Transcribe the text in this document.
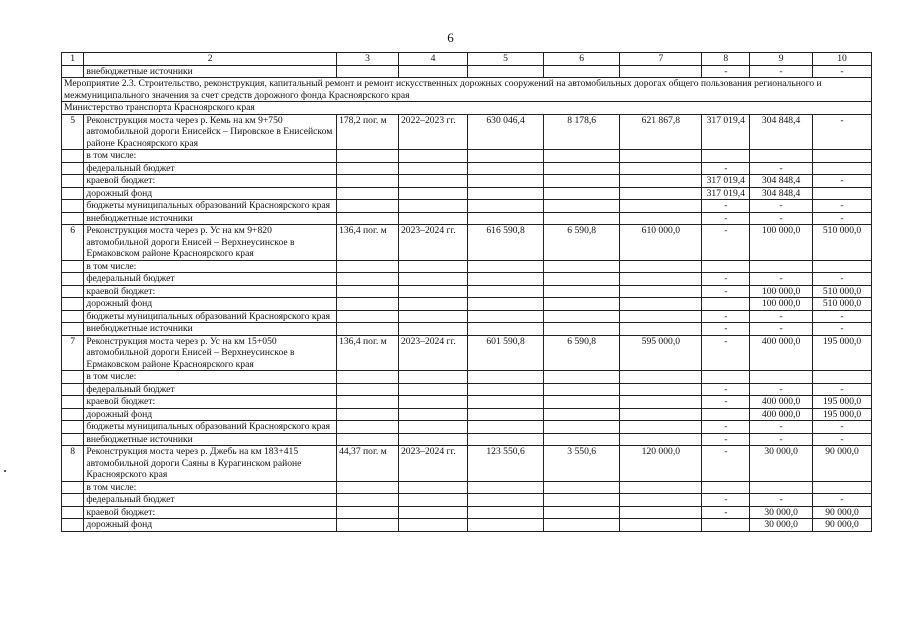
6
1	2	3	4	5	6	7	8	9	10
	внебюджетные источники						-	-	-
Мероприятие 2.3. Строительство, реконструкция, капитальный ремонт и ремонт искусственных дорожных сооружений на автомобильных дорогах общего пользования регионального и межмуниципального значения за счет средств дорожного фонда Красноярского края									
Министерство транспорта Красноярского края									
5	Реконструкция моста через р. Кемь на км 9+750 автомобильной дороги Енисейск – Пировское в Енисейском районе Красноярского края	178,2 пог. м	2022–2023 гг.	630 046,4	8 178,6	621 867,8	317 019,4	304 848,4	-
	в том числе:								
	федеральный бюджет						-	-	
	краевой бюджет:						317 019,4	304 848,4	-
	дорожный фонд						317 019,4	304 848,4	
	бюджеты муниципальных образований Красноярского края						-	-	-
	внебюджетные источники						-	-	-
6	Реконструкция моста через р. Ус на км 9+820 автомобильной дороги Енисей – Верхнеусинское в Ермаковском районе Красноярского края	136,4 пог. м	2023–2024 гг.	616 590,8	6 590,8	610 000,0	-	100 000,0	510 000,0
	в том числе:								
	федеральный бюджет						-	-	-
	краевой бюджет:						-	100 000,0	510 000,0
	дорожный фонд							100 000,0	510 000,0
	бюджеты муниципальных образований Красноярского края						-	-	-
	внебюджетные источники						-	-	-
7	Реконструкция моста через р. Ус на км 15+050 автомобильной дороги Енисей – Верхнеусинское в Ермаковском районе Красноярского края	136,4 пог. м	2023–2024 гг.	601 590,8	6 590,8	595 000,0	-	400 000,0	195 000,0
	в том числе:								
	федеральный бюджет						-	-	-
	краевой бюджет:						-	400 000,0	195 000,0
	дорожный фонд							400 000,0	195 000,0
	бюджеты муниципальных образований Красноярского края						-	-	-
	внебюджетные источники						-	-	-
8	Реконструкция моста через р. Джебь на км 183+415 автомобильной дороги Саяны в Курагинском районе Красноярского края	44,37 пог. м	2023–2024 гг.	123 550,6	3 550,6	120 000,0	-	30 000,0	90 000,0
	в том числе:								
	федеральный бюджет						-	-	-
	краевой бюджет:						-	30 000,0	90 000,0
	дорожный фонд							30 000,0	90 000,0
